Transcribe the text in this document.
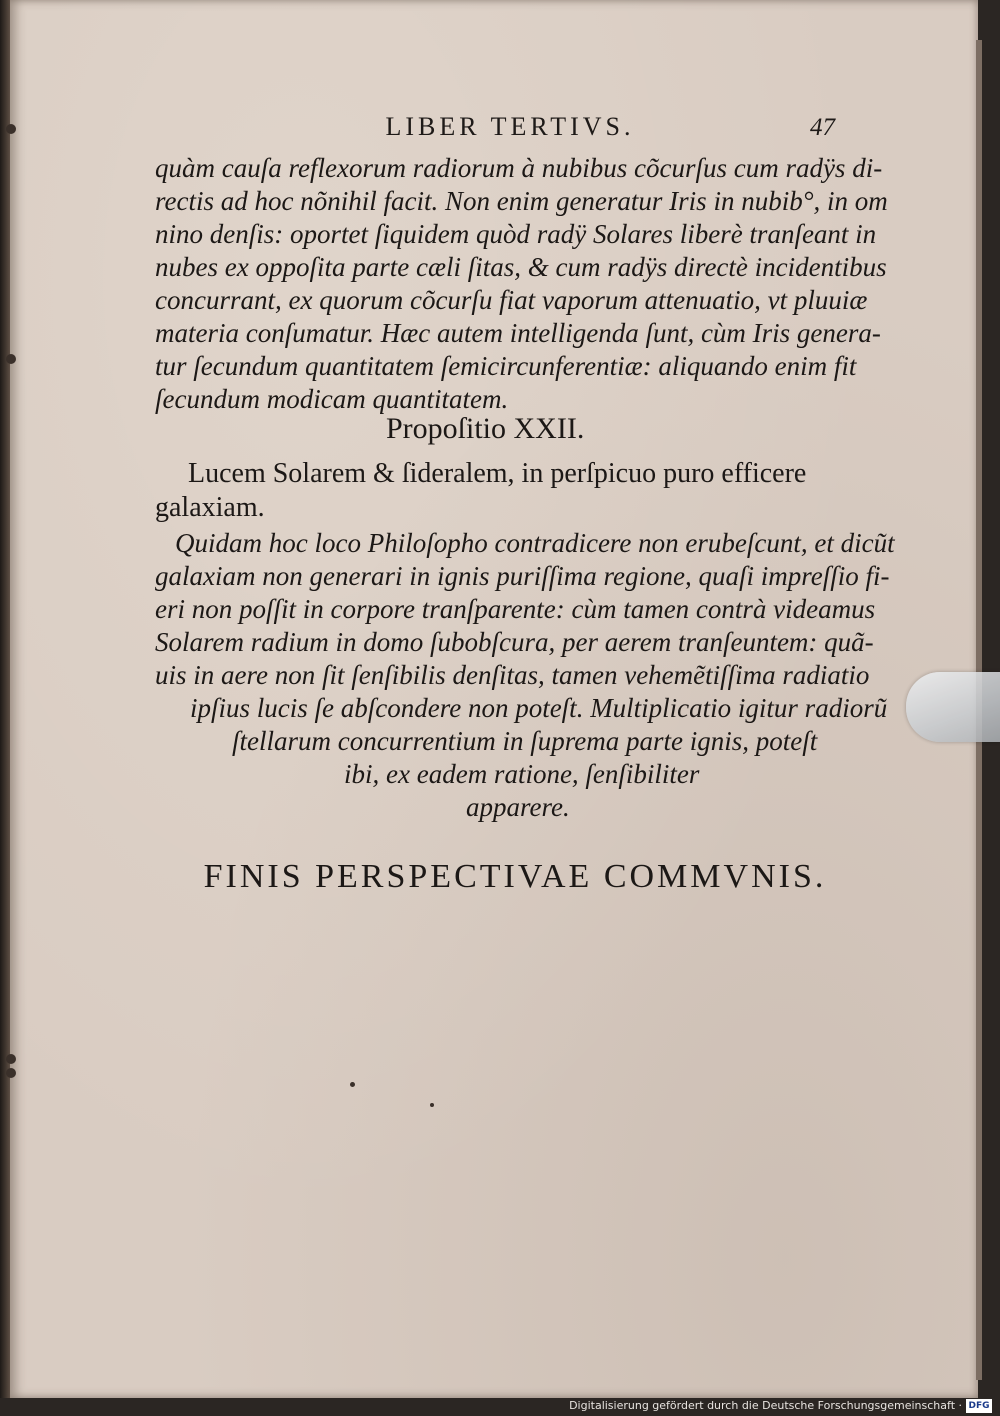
LIBER TERTIVS.	47
quàm cauſa reflexorum radiorum à nubibus cõcurſus cum radÿs di-
rectis ad hoc nõnihil facit. Non enim generatur Iris in nubib°, in om
nino denſis: oportet ſiquidem quòd radÿ Solares liberè tranſeant in
nubes ex oppoſita parte cæli ſitas, & cum radÿs directè incidentibus
concurrant, ex quorum cõcurſu fiat vaporum attenuatio, vt pluuiæ
materia conſumatur. Hæc autem intelligenda ſunt, cùm Iris genera-
tur ſecundum quantitatem ſemicircunferentiæ: aliquando enim fit
ſecundum modicam quantitatem.
Propoſitio XXII.
Lucem Solarem & ſideralem, in perſpicuo puro efficere
galaxiam.
Quidam hoc loco Philoſopho contradicere non erubeſcunt, et dicũt
galaxiam non generari in ignis puriſſima regione, quaſi impreſſio fi-
eri non poſſit in corpore tranſparente: cùm tamen contrà videamus
Solarem radium in domo ſubobſcura, per aerem tranſeuntem: quã-
uis in aere non ſit ſenſibilis denſitas, tamen vehemẽtiſſima radiatio
ipſius lucis ſe abſcondere non poteſt. Multiplicatio igitur radiorũ
ſtellarum concurrentium in ſuprema parte ignis, poteſt
ibi, ex eadem ratione, ſenſibiliter
apparere.
FINIS PERSPECTIVAE COMMVNIS.
Digitalisierung gefördert durch die Deutsche Forschungsgemeinschaft · DFG
